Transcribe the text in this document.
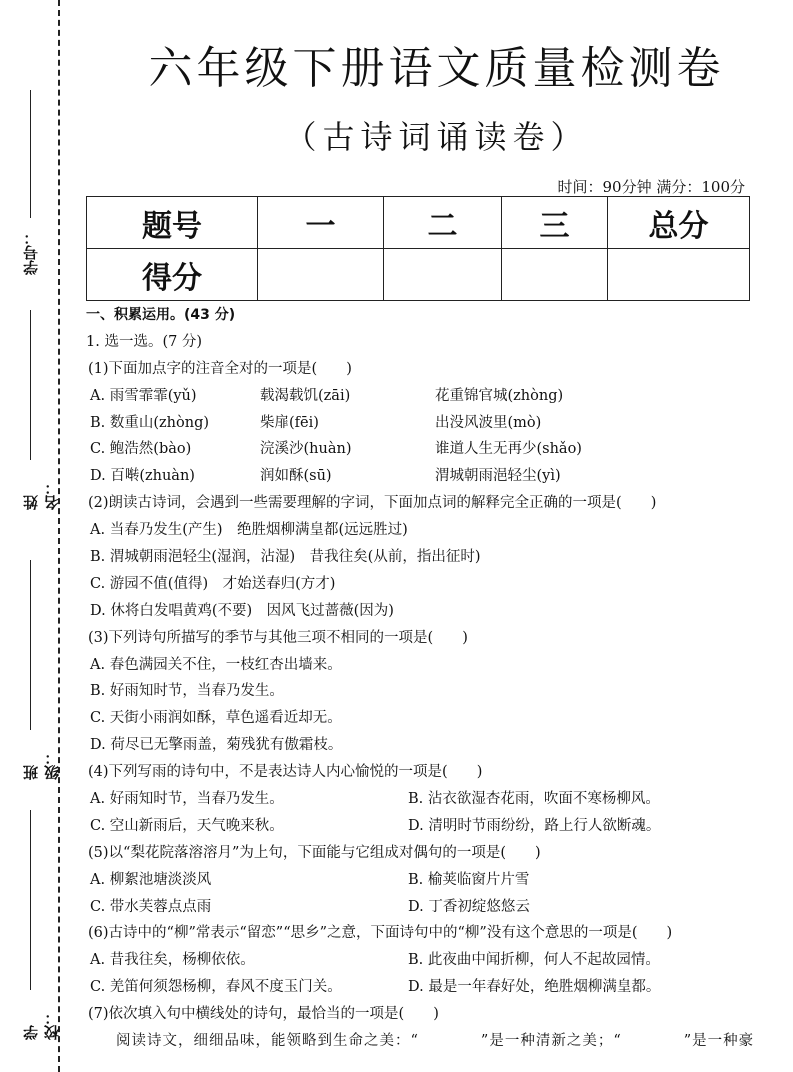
学号：
姓名：
班级：
学校：
六年级下册语文质量检测卷
（古诗词诵读卷）
时间：90分钟 满分：100分
题号	一	二	三	总分
得分				
一、积累运用。(43 分)
1. 选一选。(7 分)
(1)下面加点字的注音全对的一项是(　　)
A. 雨雪霏霏(yǔ)	载渴载饥(zāi)	花重锦官城(zhòng)
B. 数重山(zhòng)	柴扉(fēi)	出没风波里(mò)
C. 鲍浩然(bào)	浣溪沙(huàn)	谁道人生无再少(shǎo)
D. 百啭(zhuàn)	润如酥(sū)	渭城朝雨浥轻尘(yì)
(2)朗读古诗词，会遇到一些需要理解的字词，下面加点词的解释完全正确的一项是(　　)
A. 当春乃发生(产生)　绝胜烟柳满皇都(远远胜过)
B. 渭城朝雨浥轻尘(湿润，沾湿)　昔我往矣(从前，指出征时)
C. 游园不值(值得)　才始送春归(方才)
D. 休将白发唱黄鸡(不要)　因风飞过蔷薇(因为)
(3)下列诗句所描写的季节与其他三项不相同的一项是(　　)
A. 春色满园关不住，一枝红杏出墙来。
B. 好雨知时节，当春乃发生。
C. 天街小雨润如酥，草色遥看近却无。
D. 荷尽已无擎雨盖，菊残犹有傲霜枝。
(4)下列写雨的诗句中，不是表达诗人内心愉悦的一项是(　　)
A. 好雨知时节，当春乃发生。	B. 沾衣欲湿杏花雨，吹面不寒杨柳风。
C. 空山新雨后，天气晚来秋。	D. 清明时节雨纷纷，路上行人欲断魂。
(5)以“梨花院落溶溶月”为上句，下面能与它组成对偶句的一项是(　　)
A. 柳絮池塘淡淡风	B. 榆荚临窗片片雪
C. 带水芙蓉点点雨	D. 丁香初绽悠悠云
(6)古诗中的“柳”常表示“留恋”“思乡”之意，下面诗句中的“柳”没有这个意思的一项是(　　)
A. 昔我往矣，杨柳依依。	B. 此夜曲中闻折柳，何人不起故园情。
C. 羌笛何须怨杨柳，春风不度玉门关。	D. 最是一年春好处，绝胜烟柳满皇都。
(7)依次填入句中横线处的诗句，最恰当的一项是(　　)
阅读诗文，细细品味，能领略到生命之美：“　　　　”是一种清新之美；“　　　　”是一种豪
